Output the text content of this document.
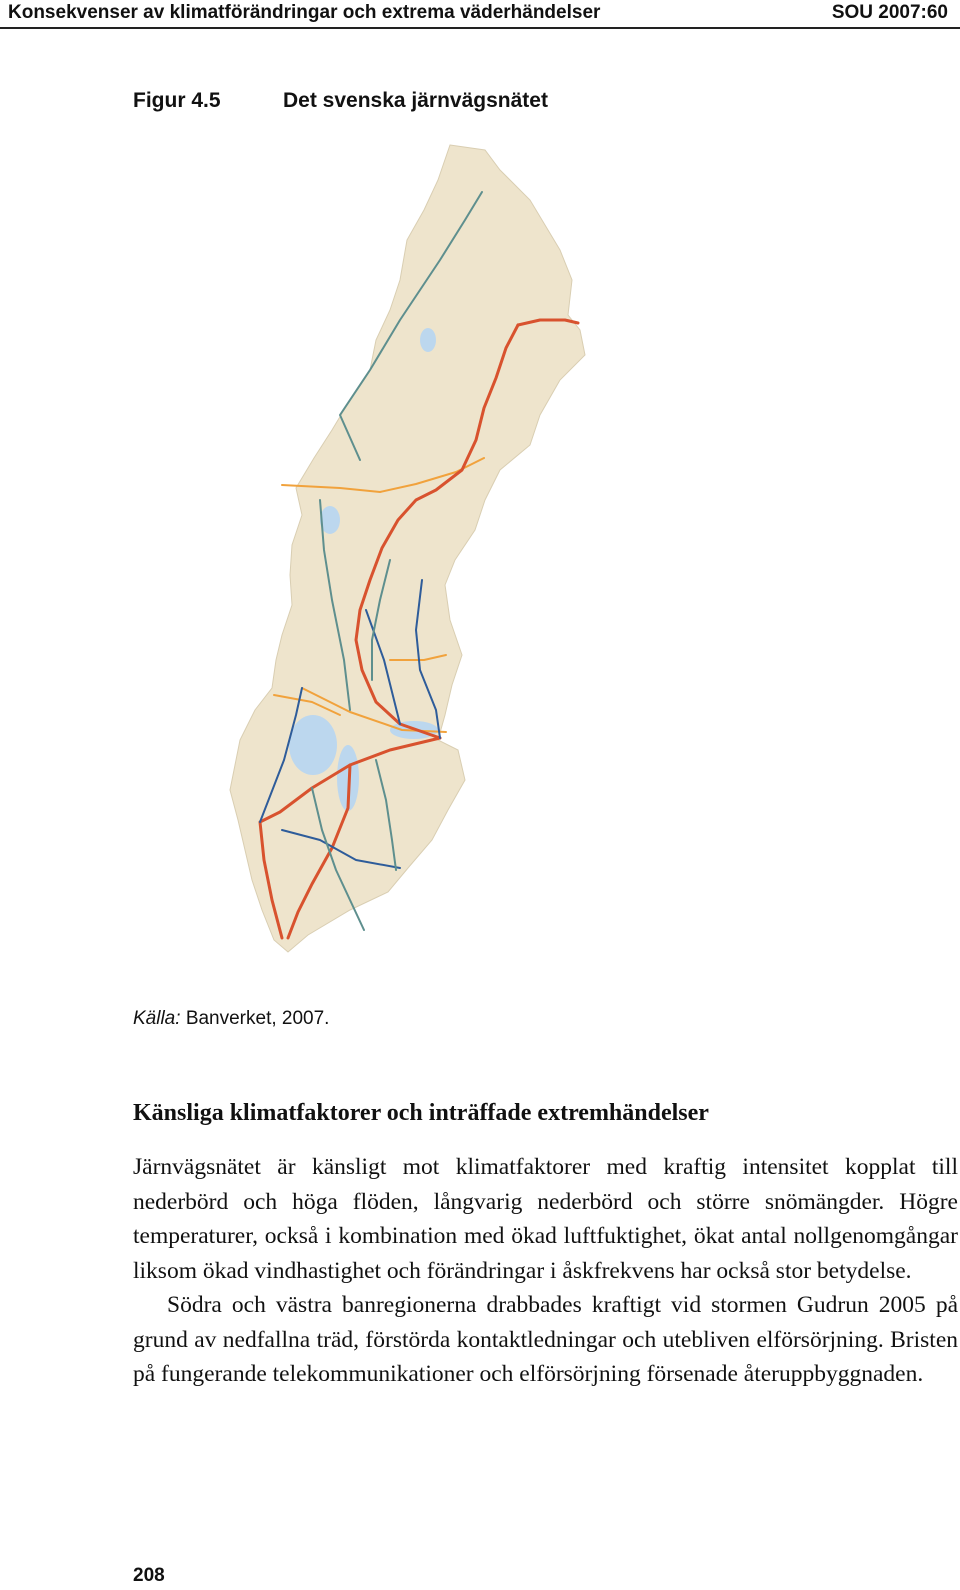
Konsekvenser av klimatförändringar och extrema väderhändelser	SOU 2007:60
Figur 4.5	Det svenska järnvägsnätet
Källa: Banverket, 2007.
Känsliga klimatfaktorer och inträffade extremhändelser

Järnvägsnätet är känsligt mot klimatfaktorer med kraftig intensitet kopplat till nederbörd och höga flöden, långvarig nederbörd och större snömängder. Högre temperaturer, också i kombination med ökad luftfuktighet, ökat antal nollgenomgångar liksom ökad vindhastighet och förändringar i åskfrekvens har också stor betydelse.

Södra och västra banregionerna drabbades kraftigt vid stormen Gudrun 2005 på grund av nedfallna träd, förstörda kontaktledningar och utebliven elförsörjning. Bristen på fungerande telekommunikationer och elförsörjning försenade återuppbyggnaden.

208
